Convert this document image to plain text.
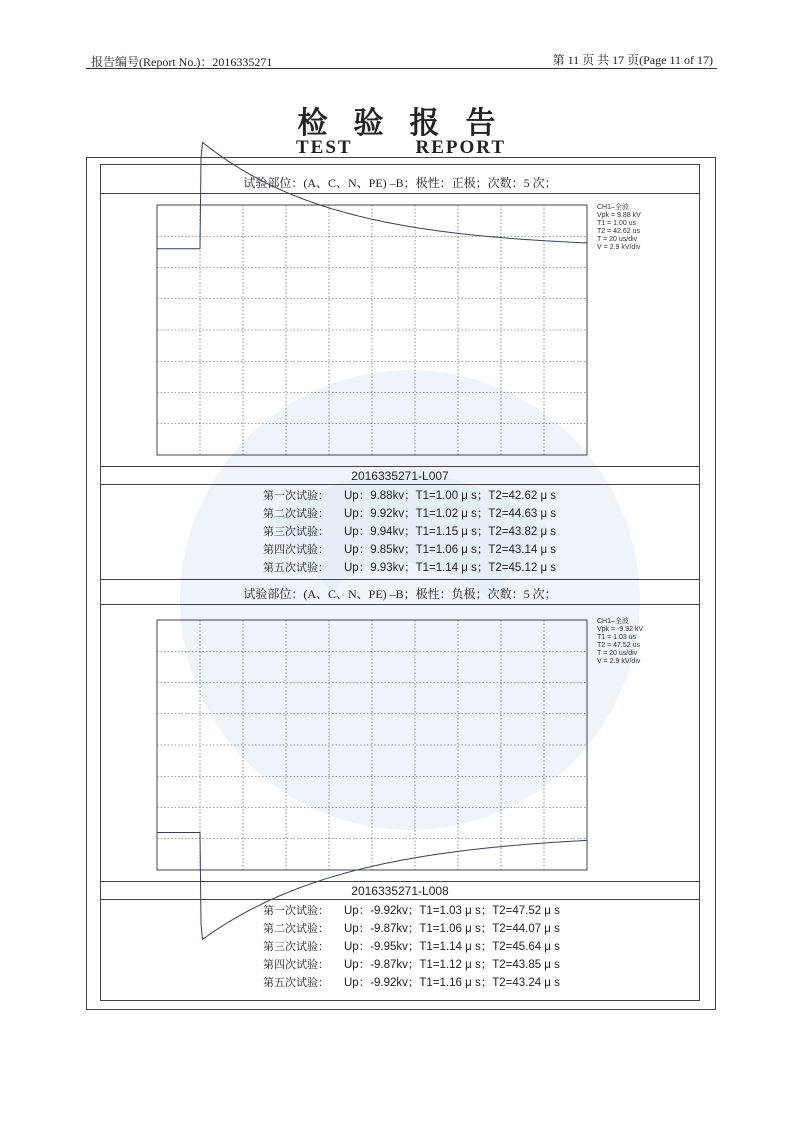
报告编号(Report No.)：2016335271	第 11 页 共 17 页(Page 11 of 17)
检验报告
TEST	REPORT
试验部位：(A、C、N、PE) –B；极性：正极；次数：5 次；
CH1–全波
Vpk = 9.88 kV
T1 = 1.00 us
T2 = 42.62 us
T = 20 us/div
V = 2.9 kV/div
2016335271-L007
第一次试验： Up：9.88kv；T1=1.00 μ s；T2=42.62 μ s
第二次试验： Up：9.92kv；T1=1.02 μ s；T2=44.63 μ s
第三次试验： Up：9.94kv；T1=1.15 μ s；T2=43.82 μ s
第四次试验： Up：9.85kv；T1=1.06 μ s；T2=43.14 μ s
第五次试验： Up：9.93kv；T1=1.14 μ s；T2=45.12 μ s
试验部位：(A、C、N、PE) –B；极性：负极；次数：5 次；
CH1–全波
Vpk = -9.92 kV
T1 = 1.03 us
T2 = 47.52 us
T = 20 us/div
V = 2.9 kV/div
2016335271-L008
第一次试验： Up：-9.92kv；T1=1.03 μ s；T2=47.52 μ s
第二次试验： Up：-9.87kv；T1=1.06 μ s；T2=44.07 μ s
第三次试验： Up：-9.95kv；T1=1.14 μ s；T2=45.64 μ s
第四次试验： Up：-9.87kv；T1=1.12 μ s；T2=43.85 μ s
第五次试验： Up：-9.92kv；T1=1.16 μ s；T2=43.24 μ s
